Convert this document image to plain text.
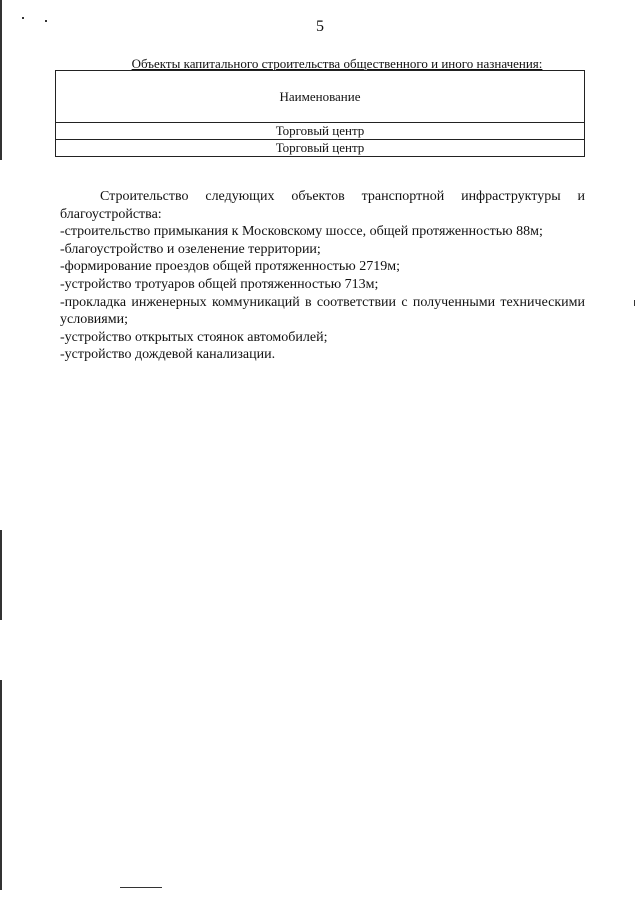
5
Объекты капитального строительства общественного и иного назначения:
Наименование
Торговый центр
Торговый центр

Строительство следующих объектов транспортной инфраструктуры и благоустройства:

-строительство примыкания к Московскому шоссе, общей протяженностью 88м;

-благоустройство и озеленение территории;

-формирование проездов общей протяженностью 2719м;

-устройство тротуаров общей протяженностью 713м;

-прокладка инженерных коммуникаций в соответствии с полученными техническими условиями;

-устройство открытых стоянок автомобилей;

-устройство дождевой канализации.
